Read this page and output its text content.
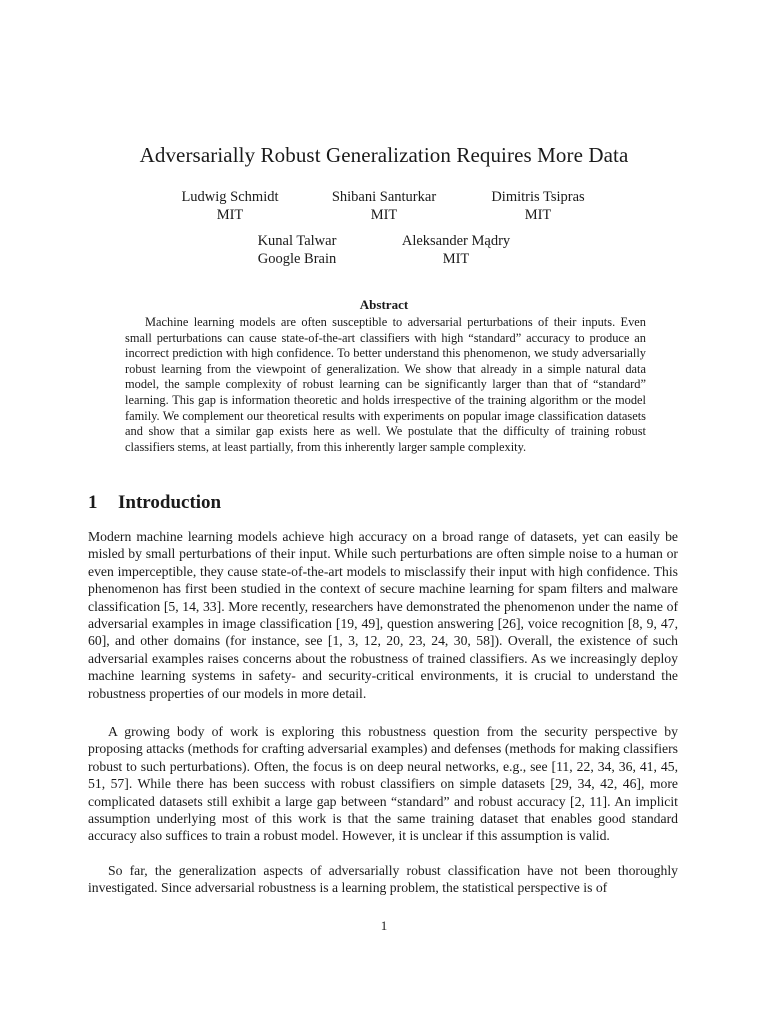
Adversarially Robust Generalization Requires More Data
Ludwig Schmidt
MIT
Shibani Santurkar
MIT
Dimitris Tsipras
MIT
Kunal Talwar
Google Brain
Aleksander Mądry
MIT
Abstract

Machine learning models are often susceptible to adversarial perturbations of their inputs. Even small perturbations can cause state-of-the-art classifiers with high “standard” accuracy to produce an incorrect prediction with high confidence. To better understand this phenomenon, we study adversarially robust learning from the viewpoint of generalization. We show that already in a simple natural data model, the sample complexity of robust learning can be significantly larger than that of “standard” learning. This gap is information theoretic and holds irrespective of the training algorithm or the model family. We complement our theoretical results with experiments on popular image classification datasets and show that a similar gap exists here as well. We postulate that the difficulty of training robust classifiers stems, at least partially, from this inherently larger sample complexity.

1 Introduction

Modern machine learning models achieve high accuracy on a broad range of datasets, yet can easily be misled by small perturbations of their input. While such perturbations are often simple noise to a human or even imperceptible, they cause state-of-the-art models to misclassify their input with high confidence. This phenomenon has first been studied in the context of secure machine learning for spam filters and malware classification [5, 14, 33]. More recently, researchers have demonstrated the phenomenon under the name of adversarial examples in image classification [19, 49], question answering [26], voice recognition [8, 9, 47, 60], and other domains (for instance, see [1, 3, 12, 20, 23, 24, 30, 58]). Overall, the existence of such adversarial examples raises concerns about the robustness of trained classifiers. As we increasingly deploy machine learning systems in safety- and security-critical environments, it is crucial to understand the robustness properties of our models in more detail.

A growing body of work is exploring this robustness question from the security perspective by proposing attacks (methods for crafting adversarial examples) and defenses (methods for making classifiers robust to such perturbations). Often, the focus is on deep neural networks, e.g., see [11, 22, 34, 36, 41, 45, 51, 57]. While there has been success with robust classifiers on simple datasets [29, 34, 42, 46], more complicated datasets still exhibit a large gap between “standard” and robust accuracy [2, 11]. An implicit assumption underlying most of this work is that the same training dataset that enables good standard accuracy also suffices to train a robust model. However, it is unclear if this assumption is valid.

So far, the generalization aspects of adversarially robust classification have not been thoroughly investigated. Since adversarial robustness is a learning problem, the statistical perspective is of

1
